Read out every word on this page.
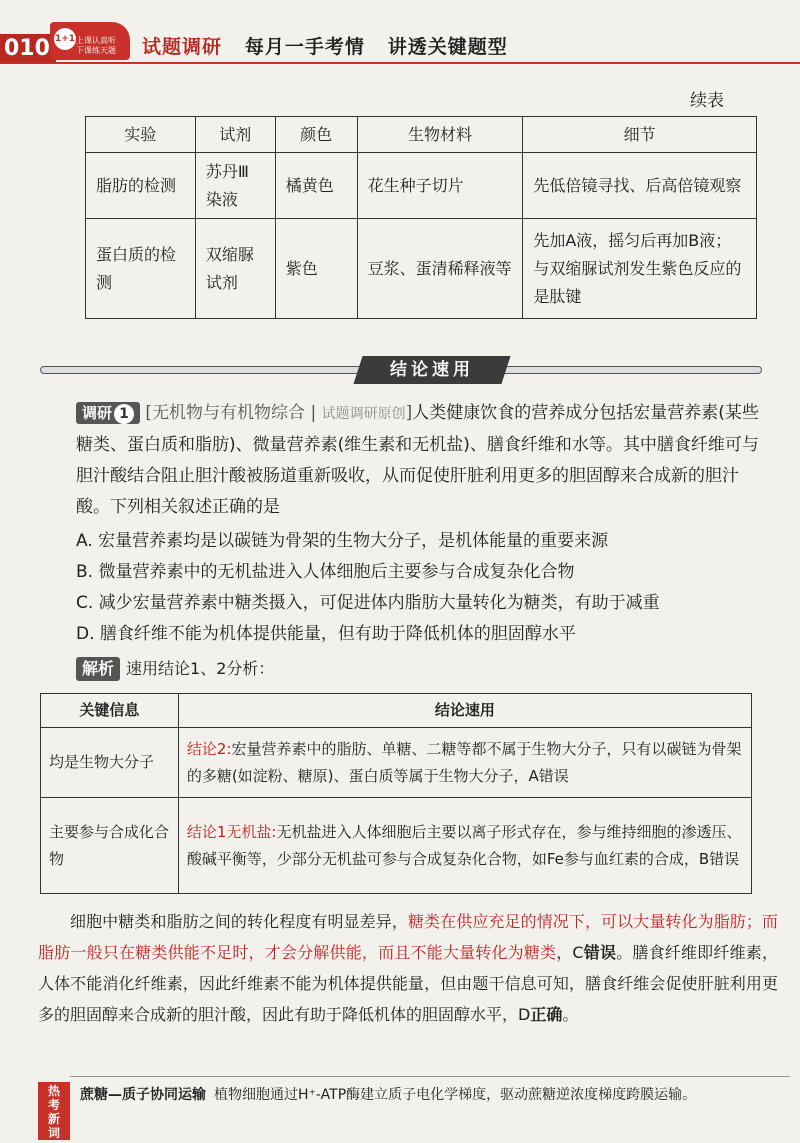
010 1+1 上课认真听
下课练天题	试题调研 每月一手考情 讲透关键题型
续表
实验	试剂	颜色	生物材料	细节
脂肪的检测	苏丹Ⅲ染液	橘黄色	花生种子切片	先低倍镜寻找、后高倍镜观察
蛋白质的检测	双缩脲试剂	紫色	豆浆、蛋清稀释液等	先加A液，摇匀后再加B液；与双缩脲试剂发生紫色反应的是肽键
结论速用
调研 1 [无机物与有机物综合 | 试题调研原创]人类健康饮食的营养成分包括宏量营养素(某些糖类、蛋白质和脂肪)、微量营养素(维生素和无机盐)、膳食纤维和水等。其中膳食纤维可与胆汁酸结合阻止胆汁酸被肠道重新吸收，从而促使肝脏利用更多的胆固醇来合成新的胆汁酸。下列相关叙述正确的是
A. 宏量营养素均是以碳链为骨架的生物大分子，是机体能量的重要来源
B. 微量营养素中的无机盐进入人体细胞后主要参与合成复杂化合物
C. 减少宏量营养素中糖类摄入，可促进体内脂肪大量转化为糖类，有助于减重
D. 膳食纤维不能为机体提供能量，但有助于降低机体的胆固醇水平
解析 速用结论1、2分析：
关键信息	结论速用
均是生物大分子	结论2:宏量营养素中的脂肪、单糖、二糖等都不属于生物大分子，只有以碳链为骨架的多糖(如淀粉、糖原)、蛋白质等属于生物大分子，A错误
主要参与合成化合物	结论1无机盐:无机盐进入人体细胞后主要以离子形式存在，参与维持细胞的渗透压、酸碱平衡等，少部分无机盐可参与合成复杂化合物，如Fe参与血红素的合成，B错误
细胞中糖类和脂肪之间的转化程度有明显差异，糖类在供应充足的情况下，可以大量转化为脂肪；而脂肪一般只在糖类供能不足时，才会分解供能，而且不能大量转化为糖类，C错误。膳食纤维即纤维素，人体不能消化纤维素，因此纤维素不能为机体提供能量，但由题干信息可知，膳食纤维会促使肝脏利用更多的胆固醇来合成新的胆汁酸，因此有助于降低机体的胆固醇水平，D正确。
热
考
新
词
蔗糖—质子协同运输 植物细胞通过H⁺-ATP酶建立质子电化学梯度，驱动蔗糖逆浓度梯度跨膜运输。
